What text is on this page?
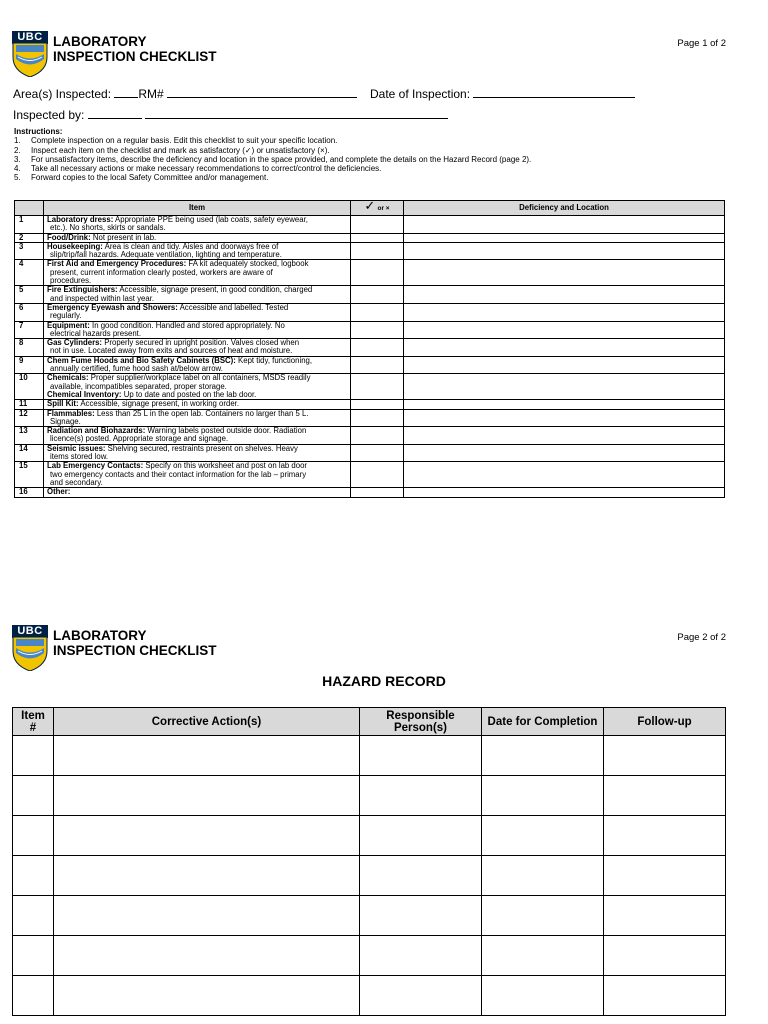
UBC LABORATORY
INSPECTION CHECKLIST
Page 1 of 2
Area(s) Inspected: RM#	Date of Inspection:
Inspected by:
Instructions:
1.	Complete inspection on a regular basis. Edit this checklist to suit your specific location.
2.	Inspect each item on the checklist and mark as satisfactory (✓) or unsatisfactory (×).
3.	For unsatisfactory items, describe the deficiency and location in the space provided, and complete the details on the Hazard Record (page 2).
4.	Take all necessary actions or make necessary recommendations to correct/control the deficiencies.
5.	Forward copies to the local Safety Committee and/or management.
	Item	✓ or ×	Deficiency and Location
1	Laboratory dress: Appropriate PPE being used (lab coats, safety eyewear,
etc.). No shorts, skirts or sandals.		

2	Food/Drink: Not present in lab.		
3	Housekeeping: Area is clean and tidy. Aisles and doorways free of
slip/trip/fall hazards. Adequate ventilation, lighting and temperature.		

4	First Aid and Emergency Procedures: FA kit adequately stocked, logbook
present, current information clearly posted, workers are aware of
procedures.		

5	Fire Extinguishers: Accessible, signage present, in good condition, charged
and inspected within last year.		

6	Emergency Eyewash and Showers: Accessible and labelled. Tested
regularly.		

7	Equipment: In good condition. Handled and stored appropriately. No
electrical hazards present.		

8	Gas Cylinders: Properly secured in upright position. Valves closed when
not in use. Located away from exits and sources of heat and moisture.		

9	Chem Fume Hoods and Bio Safety Cabinets (BSC): Kept tidy, functioning,
annually certified, fume hood sash at/below arrow.		

10	Chemicals: Proper supplier/workplace label on all containers, MSDS readily
available, incompatibles separated, proper storage.
Chemical Inventory: Up to date and posted on the lab door.		

11	Spill Kit: Accessible, signage present, in working order.		
12	Flammables: Less than 25 L in the open lab. Containers no larger than 5 L.
Signage.		

13	Radiation and Biohazards: Warning labels posted outside door. Radiation
licence(s) posted. Appropriate storage and signage.		

14	Seismic issues: Shelving secured, restraints present on shelves. Heavy
items stored low.		

15	Lab Emergency Contacts: Specify on this worksheet and post on lab door
two emergency contacts and their contact information for the lab – primary
and secondary.		

16	Other:		
UBC LABORATORY
INSPECTION CHECKLIST
Page 2 of 2
HAZARD RECORD
Item #	Corrective Action(s)	Responsible Person(s)	Date for Completion	Follow-up
